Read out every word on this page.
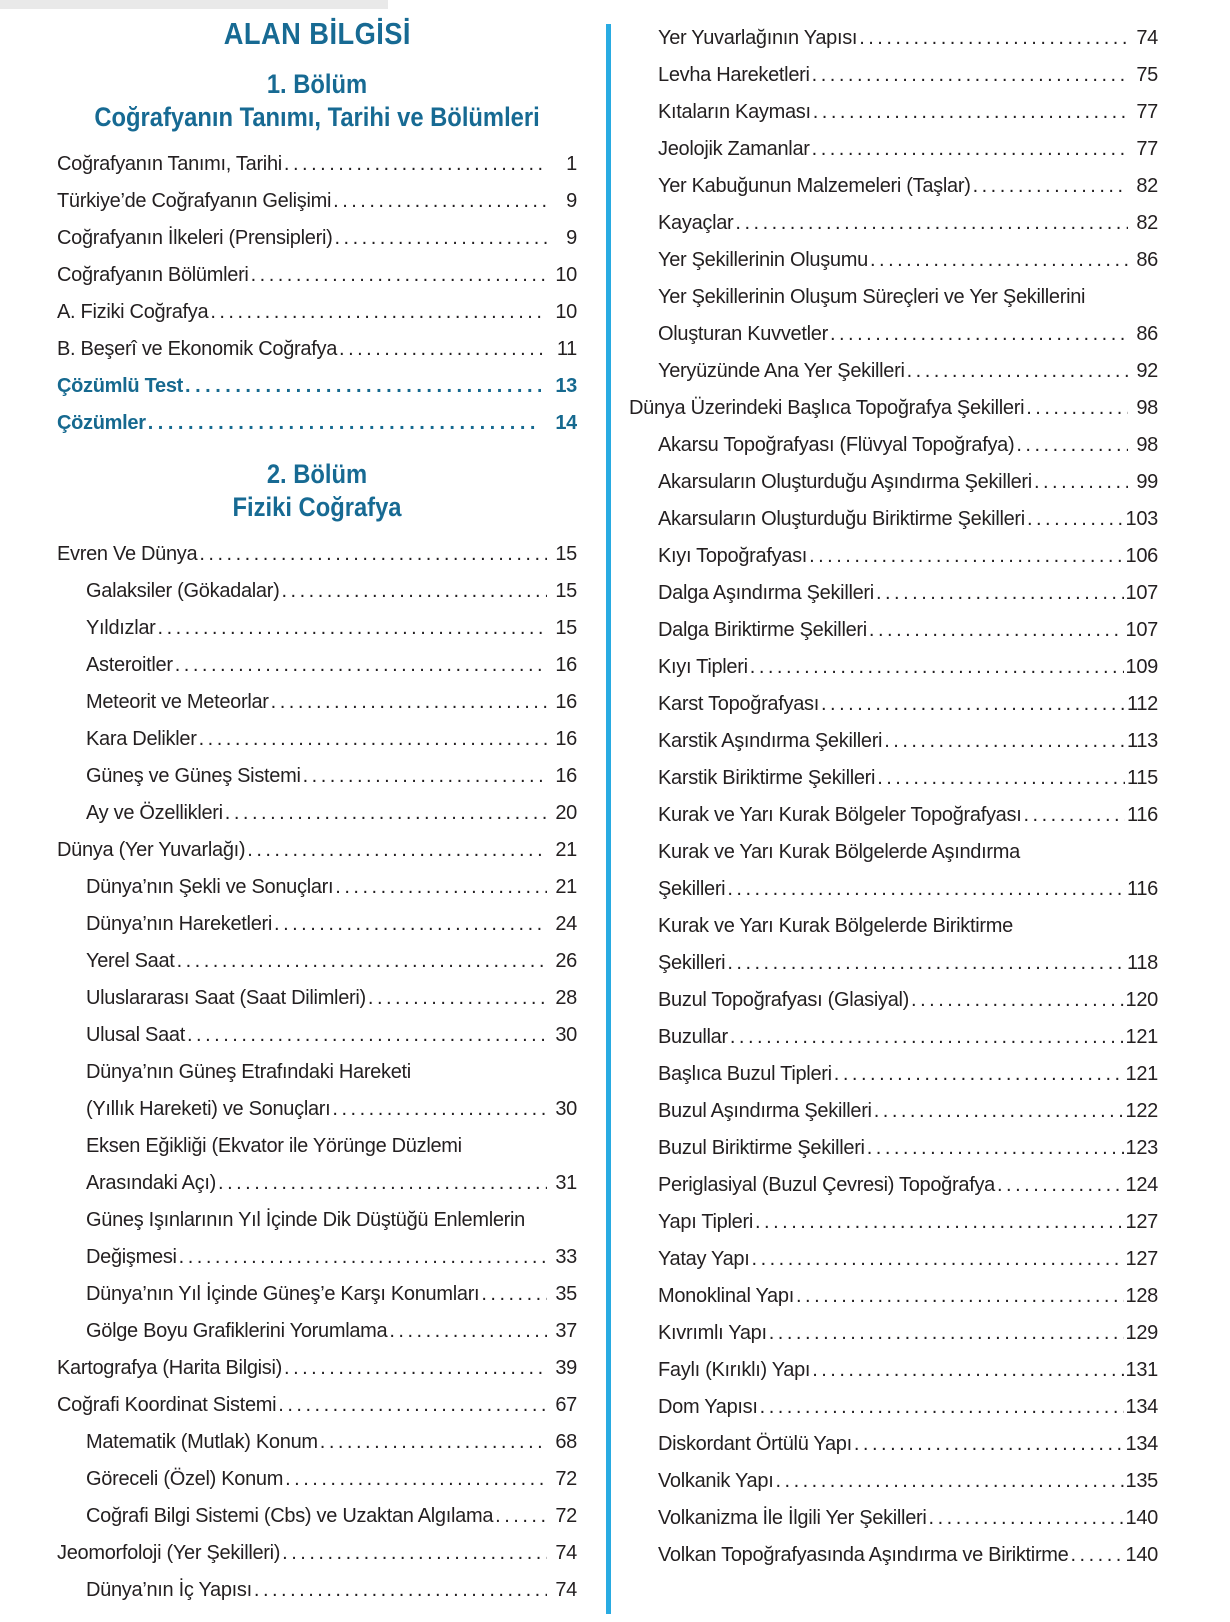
ALAN BİLGİSİ
1. Bölüm
Coğrafyanın Tanımı, Tarihi ve Bölümleri
Coğrafyanın Tanımı, Tarihi .....	1
Türkiye’de Coğrafyanın Gelişimi .....	9
Coğrafyanın İlkeleri (Prensipleri) .....	9
Coğrafyanın Bölümleri .....	10
A. Fiziki Coğrafya .....	10
B. Beşerî ve Ekonomik Coğrafya .....	11
Çözümlü Test .....	13
Çözümler .....	14
2. Bölüm
Fiziki Coğrafya
Evren Ve Dünya .....	15
Galaksiler (Gökadalar) .....	15
Yıldızlar .....	15
Asteroitler .....	16
Meteorit ve Meteorlar .....	16
Kara Delikler .....	16
Güneş ve Güneş Sistemi .....	16
Ay ve Özellikleri .....	20
Dünya (Yer Yuvarlağı) .....	21
Dünya’nın Şekli ve Sonuçları .....	21
Dünya’nın Hareketleri .....	24
Yerel Saat .....	26
Uluslararası Saat (Saat Dilimleri) .....	28
Ulusal Saat .....	30
Dünya’nın Güneş Etrafındaki Hareketi
(Yıllık Hareketi) ve Sonuçları .....	30
Eksen Eğikliği (Ekvator ile Yörünge Düzlemi
Arasındaki Açı) .....	31
Güneş Işınlarının Yıl İçinde Dik Düştüğü Enlemlerin
Değişmesi .....	33
Dünya’nın Yıl İçinde Güneş’e Karşı Konumları .....	35
Gölge Boyu Grafiklerini Yorumlama .....	37
Kartografya (Harita Bilgisi) .....	39
Coğrafi Koordinat Sistemi .....	67
Matematik (Mutlak) Konum .....	68
Göreceli (Özel) Konum .....	72
Coğrafi Bilgi Sistemi (Cbs) ve Uzaktan Algılama .....	72
Jeomorfoloji (Yer Şekilleri) .....	74
Dünya’nın İç Yapısı .....	74
Yer Yuvarlağının Yapısı .....	74
Levha Hareketleri .....	75
Kıtaların Kayması .....	77
Jeolojik Zamanlar .....	77
Yer Kabuğunun Malzemeleri (Taşlar) .....	82
Kayaçlar .....	82
Yer Şekillerinin Oluşumu .....	86
Yer Şekillerinin Oluşum Süreçleri ve Yer Şekillerini
Oluşturan Kuvvetler .....	86
Yeryüzünde Ana Yer Şekilleri .....	92
Dünya Üzerindeki Başlıca Topoğrafya Şekilleri .....	98
Akarsu Topoğrafyası (Flüvyal Topoğrafya) .....	98
Akarsuların Oluşturduğu Aşındırma Şekilleri .....	99
Akarsuların Oluşturduğu Biriktirme Şekilleri .....	103
Kıyı Topoğrafyası .....	106
Dalga Aşındırma Şekilleri .....	107
Dalga Biriktirme Şekilleri .....	107
Kıyı Tipleri .....	109
Karst Topoğrafyası .....	112
Karstik Aşındırma Şekilleri .....	113
Karstik Biriktirme Şekilleri .....	115
Kurak ve Yarı Kurak Bölgeler Topoğrafyası .....	116
Kurak ve Yarı Kurak Bölgelerde Aşındırma
Şekilleri .....	116
Kurak ve Yarı Kurak Bölgelerde Biriktirme
Şekilleri .....	118
Buzul Topoğrafyası (Glasiyal) .....	120
Buzullar .....	121
Başlıca Buzul Tipleri .....	121
Buzul Aşındırma Şekilleri .....	122
Buzul Biriktirme Şekilleri .....	123
Periglasiyal (Buzul Çevresi) Topoğrafya .....	124
Yapı Tipleri .....	127
Yatay Yapı .....	127
Monoklinal Yapı .....	128
Kıvrımlı Yapı .....	129
Faylı (Kırıklı) Yapı .....	131
Dom Yapısı .....	134
Diskordant Örtülü Yapı .....	134
Volkanik Yapı .....	135
Volkanizma İle İlgili Yer Şekilleri .....	140
Volkan Topoğrafyasında Aşındırma ve Biriktirme .....	140
